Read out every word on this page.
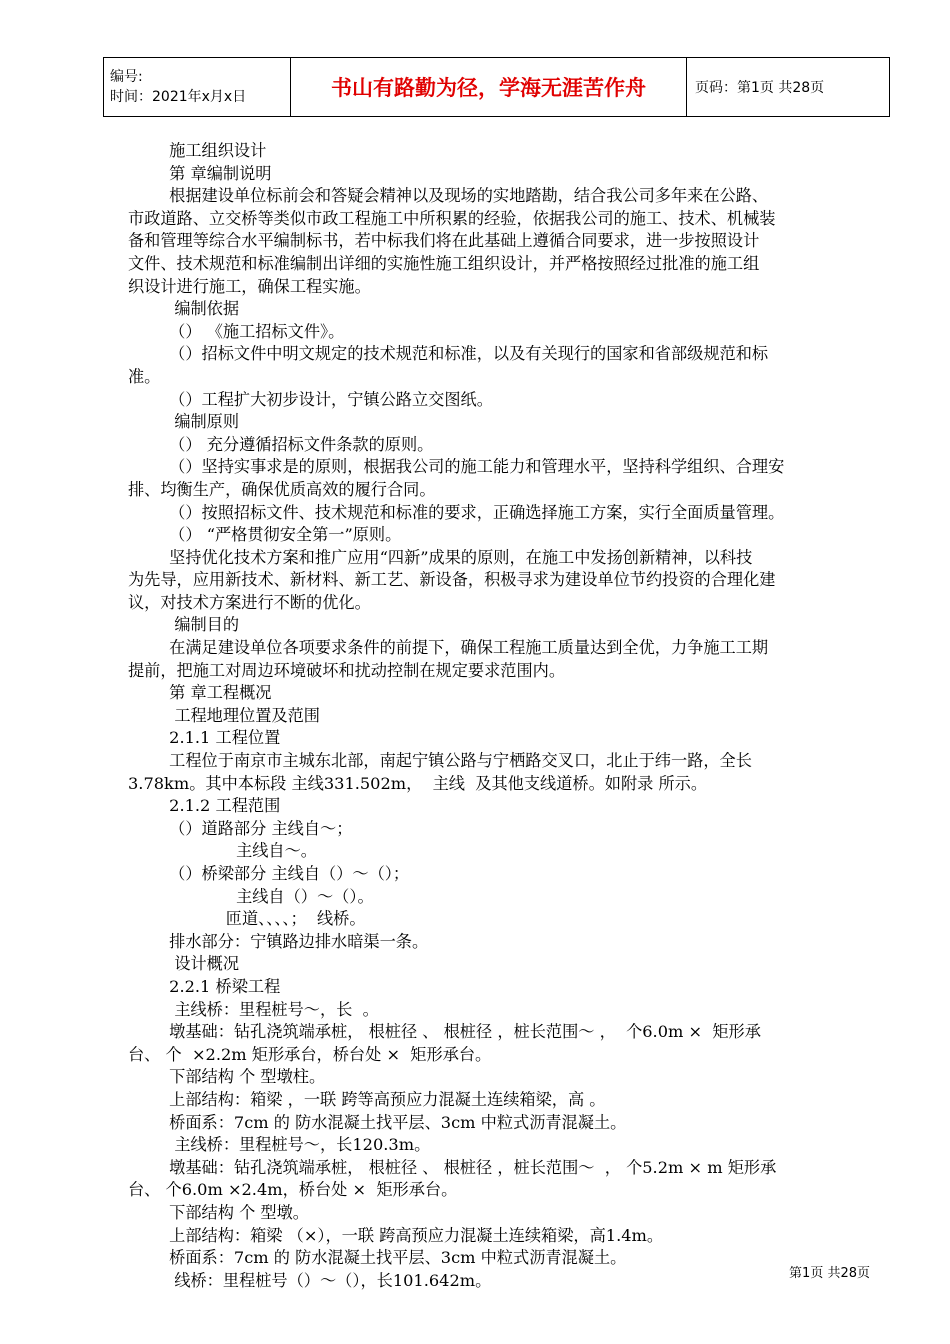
编号:
时间：2021年x月x日	书山有路勤为径，学海无涯苦作舟	页码：第1页 共28页

施工组织设计

第 章编制说明

根据建设单位标前会和答疑会精神以及现场的实地踏勘，结合我公司多年来在公路、

市政道路、立交桥等类似市政工程施工中所积累的经验，依据我公司的施工、技术、机械装

备和管理等综合水平编制标书，若中标我们将在此基础上遵循合同要求，进一步按照设计

文件、技术规范和标准编制出详细的实施性施工组织设计，并严格按照经过批准的施工组

织设计进行施工，确保工程实施。

编制依据

（） 《施工招标文件》。

（）招标文件中明文规定的技术规范和标准，以及有关现行的国家和省部级规范和标

准。

（）工程扩大初步设计，宁镇公路立交图纸。

编制原则

（） 充分遵循招标文件条款的原则。

（）坚持实事求是的原则，根据我公司的施工能力和管理水平，坚持科学组织、合理安

排、均衡生产，确保优质高效的履行合同。

（）按照招标文件、技术规范和标准的要求，正确选择施工方案，实行全面质量管理。

（） “严格贯彻安全第一”原则。

坚持优化技术方案和推广应用“四新”成果的原则，在施工中发扬创新精神，以科技

为先导，应用新技术、新材料、新工艺、新设备，积极寻求为建设单位节约投资的合理化建

议，对技术方案进行不断的优化。

编制目的

在满足建设单位各项要求条件的前提下，确保工程施工质量达到全优，力争施工工期

提前，把施工对周边环境破坏和扰动控制在规定要求范围内。

第 章工程概况

工程地理位置及范围

2.1.1 工程位置

工程位于南京市主城东北部，南起宁镇公路与宁栖路交叉口，北止于纬一路，全长

3.78km。其中本标段 主线331.502m，  主线  及其他支线道桥。如附录 所示。

2.1.2 工程范围

（）道路部分 主线自～；

主线自～。

（）桥梁部分 主线自（）～（）；

主线自（）～（）。

匝道、、、、；  线桥。

排水部分：宁镇路边排水暗渠一条。

设计概况

2.2.1 桥梁工程

主线桥：里程桩号～，长  。

墩基础：钻孔浇筑端承桩， 根桩径 、 根桩径 ，桩长范围～ ，  个6.0m ×  矩形承

台、 个  ×2.2m 矩形承台，桥台处 ×  矩形承台。

下部结构 个 型墩柱。

上部结构：箱梁 ，一联 跨等高预应力混凝土连续箱梁，高 。

桥面系：7cm 的 防水混凝土找平层、3cm 中粒式沥青混凝土。

主线桥：里程桩号～，长120.3m。

墩基础：钻孔浇筑端承桩， 根桩径 、 根桩径 ，桩长范围～  ， 个5.2m × m 矩形承

台、 个6.0m ×2.4m，桥台处 ×  矩形承台。

下部结构 个 型墩。

上部结构：箱梁 （×），一联 跨高预应力混凝土连续箱梁，高1.4m。

桥面系：7cm 的 防水混凝土找平层、3cm 中粒式沥青混凝土。

线桥：里程桩号（）～（），长101.642m。	第1页 共28页
